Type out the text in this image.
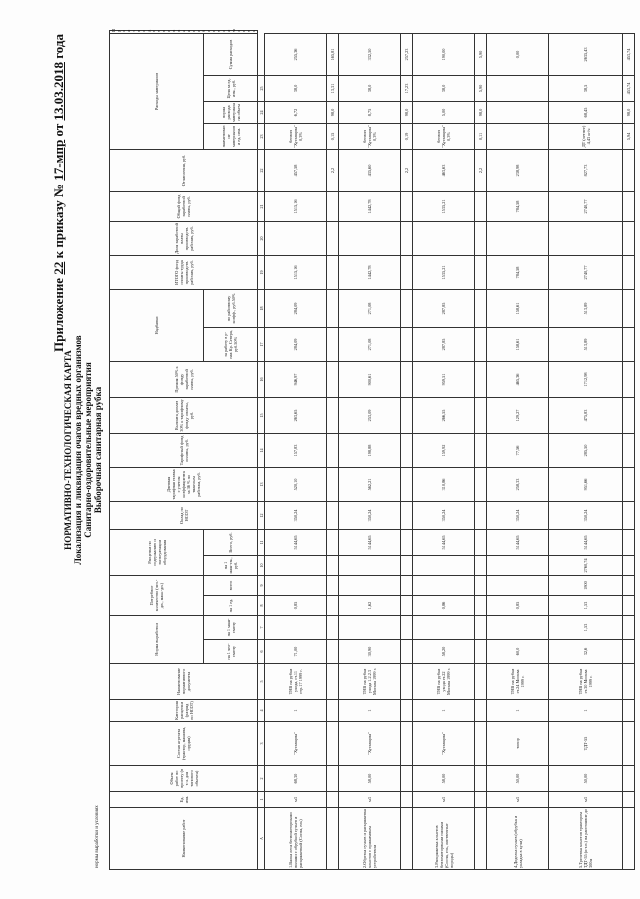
Приложение 22 к приказу № 17-мпр от 13.03.2018 года
НОРМАТИВНО-ТЕХНОЛОГИЧЕСКАЯ КАРТА Локализация и ликвидация очагов вредных организмов Санитарно-оздоровительные мероприятия Выборочная санитарная рубка
нормы выработки и условиях	Наименование работ	Ед. изм.	Объем работ по проекту (в т.ч. для типового объекта)	Состав агрегата (трактор, машина, орудия)	Категория расценки (разряд по НСОТ)	Наименование нормативного документа	Норма выработки		Потребное количество (чел.-дн., маш.-дн.)		Расценки по содержанию и эксплуатации оборудования		Оклад по НСОТ	Дневная тарифная ставка с учетом коэффициента за 36 % по тяжелым работам, руб.	Тарифный фонд оплаты, руб.	Выплата доплат 30% к тарифному фонду оплаты, руб.	Премия 50% к фонду заработной платы, руб.	Надбавки		ИТОГО фонд оплаты труда производств. рабочих, руб.	Доля заработной платы производств. рабочих, руб.	Общий фонд заработной платы, руб.	Отчисления, руб.	Расходы материалов				Производственная себестоимость
						на 1 чел-смену	на 1 маш-смену	на 1 ед.	всего	на 1 маш-см., руб.	Всего, руб.						за работу в р-нах Кр. Севера, руб.50%	по районному коэфф., руб.50%					наименование материалов и ед. изм.	норма расхода материала на объем	Цена за ед. изм., руб.	Сумма расходов	
А	1	2	3	4	5	6	7	8	9	10	11	12	13	14	15	16	17	18	19	20	21	22	23	24	25		
1.Валка леса бензомоторными пилами с обрубкой сучьев и раскряжевкой (Сосна, ель)	м3	68,30	"Хускварна"	1	ТНВ на рубки ухода, ст.11 стр.17 1999 г.	71,00		0,85			5144,65	350,24	520,10	157,83	263,65	946,97	284,09	284,09	1515,16		1515,16	457,58	бензин "Хускварна" 0,3%	6,72	38,0	255,36	
																						2,2	0,15	98,0	13,31	165,81	
2.Обрезка сучьев и раскряжевка хлыстов с прижимным устройством	м3	58,00	"Хускварна"	1	ТНВ на рубки ухода 1.2.2.3 Москва 1999 г.	30,90		1,62			5144,65	350,24	562,21	198,88	253,09	900,61	271,08	271,08	1442,78		1442,78	435,60	бензин "Хускварна" 0,3%	8,75	38,0	332,50	
																						2,2	0,19	98,0	17,23	257,23	
3.Раскряжевка хлыстов бензомоторными пилами (Сосна, ель, лиственные породы)	м3	58,00	"Хускварна"	1	ТНВ на рубки ухода ст.22 Москва 1999 г.	58,20		0,86			5144,65	350,24	310,86	159,92	266,55	959,51	287,85	287,85	1535,21		1535,21	463,63	бензин "Хускварна" 0,3%	5,00	38,0	190,00	
																						2,2	0,11	98,0	5,90	5,90	
4.Доделка сучьев (обрубка и укладка в кучи)	м3	50,00	топор	1	ТНВ на рубки ст.24 Москва 1999 г.	60,0		0,85			5144,65	350,24	258,33	77,56	129,27	465,36	158,61	158,61	784,58		784,58	238,98				0,00	
5.Трелевка хлыстов трактором ТДТ-55 (и т.п.) на расстояние до 300м	м3	50,00	ТДТ-55	1	ТНВ на рубки ст.30 Москва 1999 г.	32,6	1,53	1,53	1800	2760,74	5144,65	350,24	951,66	285,50	475,83	1712,98	513,89	513,89	2740,77		2740,77	827,73	ДТ (летнее) 4,43 кг/ч	68,45	38,5	2635,43	
																							5,94	98,0	453,74	453,74	
